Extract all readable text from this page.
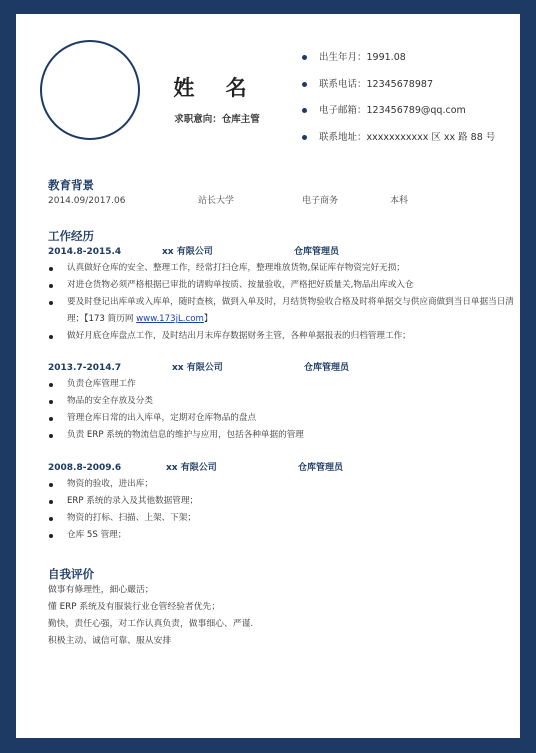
姓 名
求职意向：仓库主管
出生年月：1991.08
联系电话：12345678987
电子邮箱：123456789@qq.com
联系地址：xxxxxxxxxxx 区 xx 路 88 号
教育背景
2014.09/2017.06	站长大学	电子商务	本科
工作经历
2014.8-2015.4	xx 有限公司	仓库管理员
认真做好仓库的安全、整理工作，经常打扫仓库，整理堆放货物,保证库存物资完好无损；
对进仓货物必须严格根据已审批的请购单按质、按量验收，严格把好质量关,物品出库或入仓
要及时登记出库单或入库单，随时查核，做到入单及时，月结货物验收合格及时将单据交与供应商做到当日单据当日清理；【173 简历网 www.173jL.com】
做好月底仓库盘点工作，及时结出月末库存数据财务主管，各种单据报表的归档管理工作；
2013.7-2014.7	xx 有限公司	仓库管理员
负责仓库管理工作
物品的安全存放及分类
管理仓库日常的出入库单，定期对仓库物品的盘点
负责 ERP 系统的物流信息的维护与应用，包括各种单据的管理
2008.8-2009.6	xx 有限公司	仓库管理员
物资的验收，进出库；
ERP 系统的录入及其他数据管理；
物资的打标、扫描、上架、下架；
仓库 5S 管理；
自我评价

做事有條理性，細心嚴活；

懂 ERP 系统及有服装行业仓管经验者优先；

勤快，责任心强，对工作认真负责，做事细心、严谨.

积极主动、诚信可靠、服从安排
